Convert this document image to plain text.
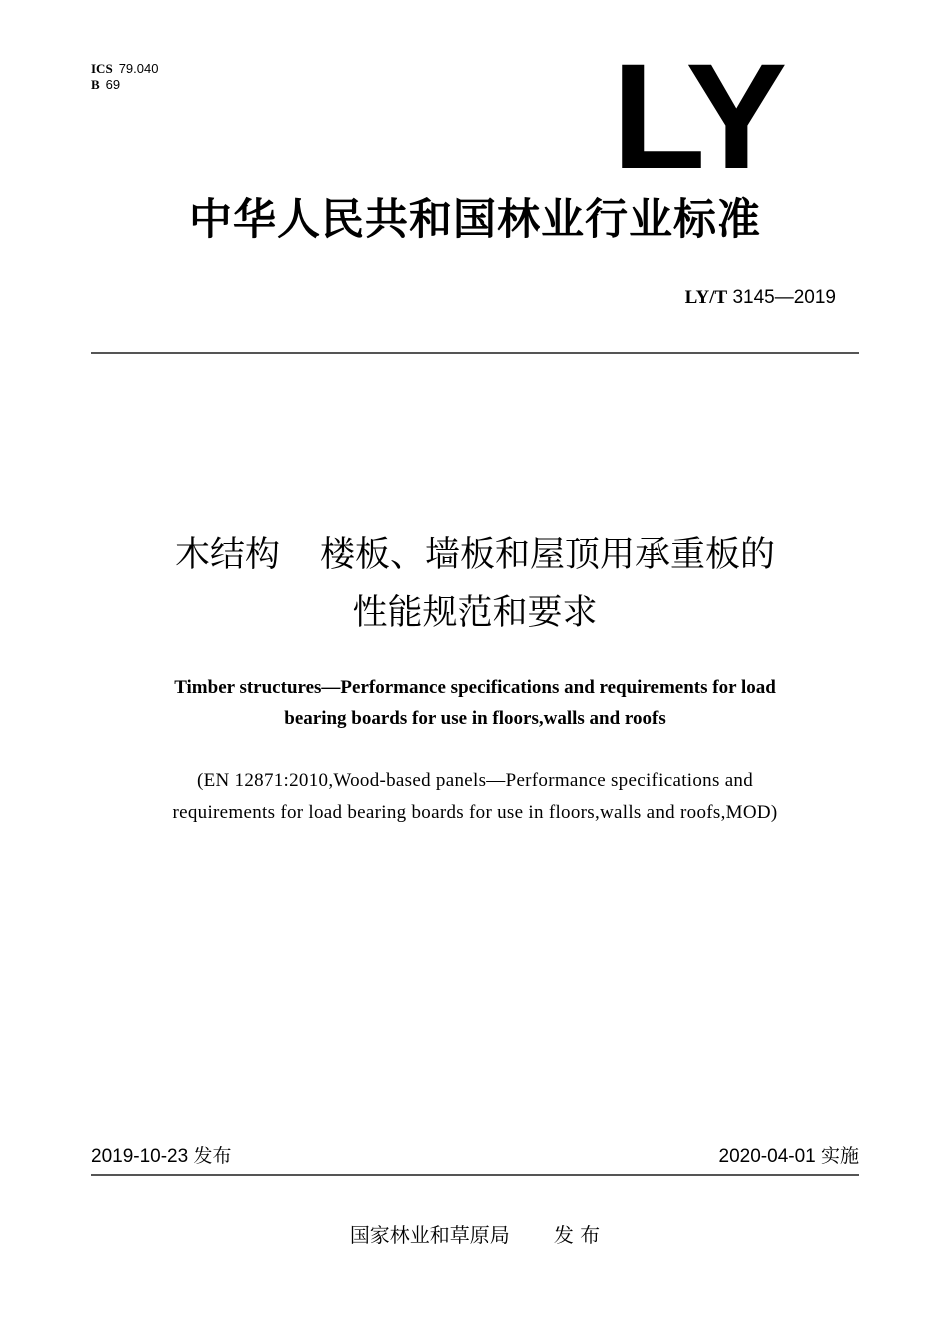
ICS 79.040
B 69	LY
中华人民共和国林业行业标准
LY/T 3145—2019
木结构 楼板、墙板和屋顶用承重板的
性能规范和要求
Timber structures—Performance specifications and requirements for load
bearing boards for use in floors,walls and roofs
(EN 12871:2010,Wood-based panels—Performance specifications and
requirements for load bearing boards for use in floors,walls and roofs,MOD)
2019-10-23 发布	2020-04-01 实施
国家林业和草原局 发 布
